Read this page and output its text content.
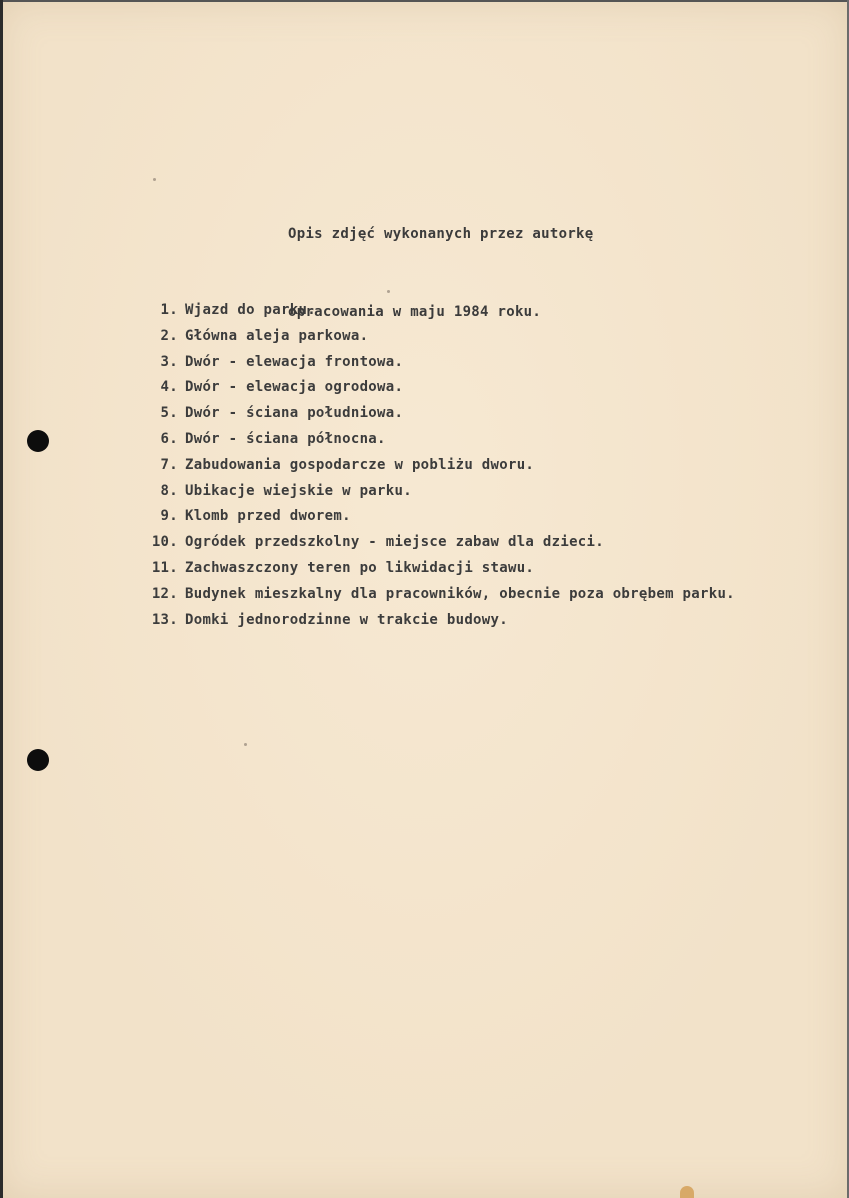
Opis zdjęć wykonanych przez autorkę

opracowania w maju 1984 roku.

1. Wjazd do parku.
2. Główna aleja parkowa.
3. Dwór - elewacja frontowa.
4. Dwór - elewacja ogrodowa.
5. Dwór - ściana południowa.
6. Dwór - ściana północna.
7. Zabudowania gospodarcze w pobliżu dworu.
8. Ubikacje wiejskie w parku.
9. Klomb przed dworem.
10. Ogródek przedszkolny - miejsce zabaw dla dzieci.
11. Zachwaszczony teren po likwidacji stawu.
12. Budynek mieszkalny dla pracowników, obecnie poza obrębem parku.
13. Domki jednorodzinne w trakcie budowy.
